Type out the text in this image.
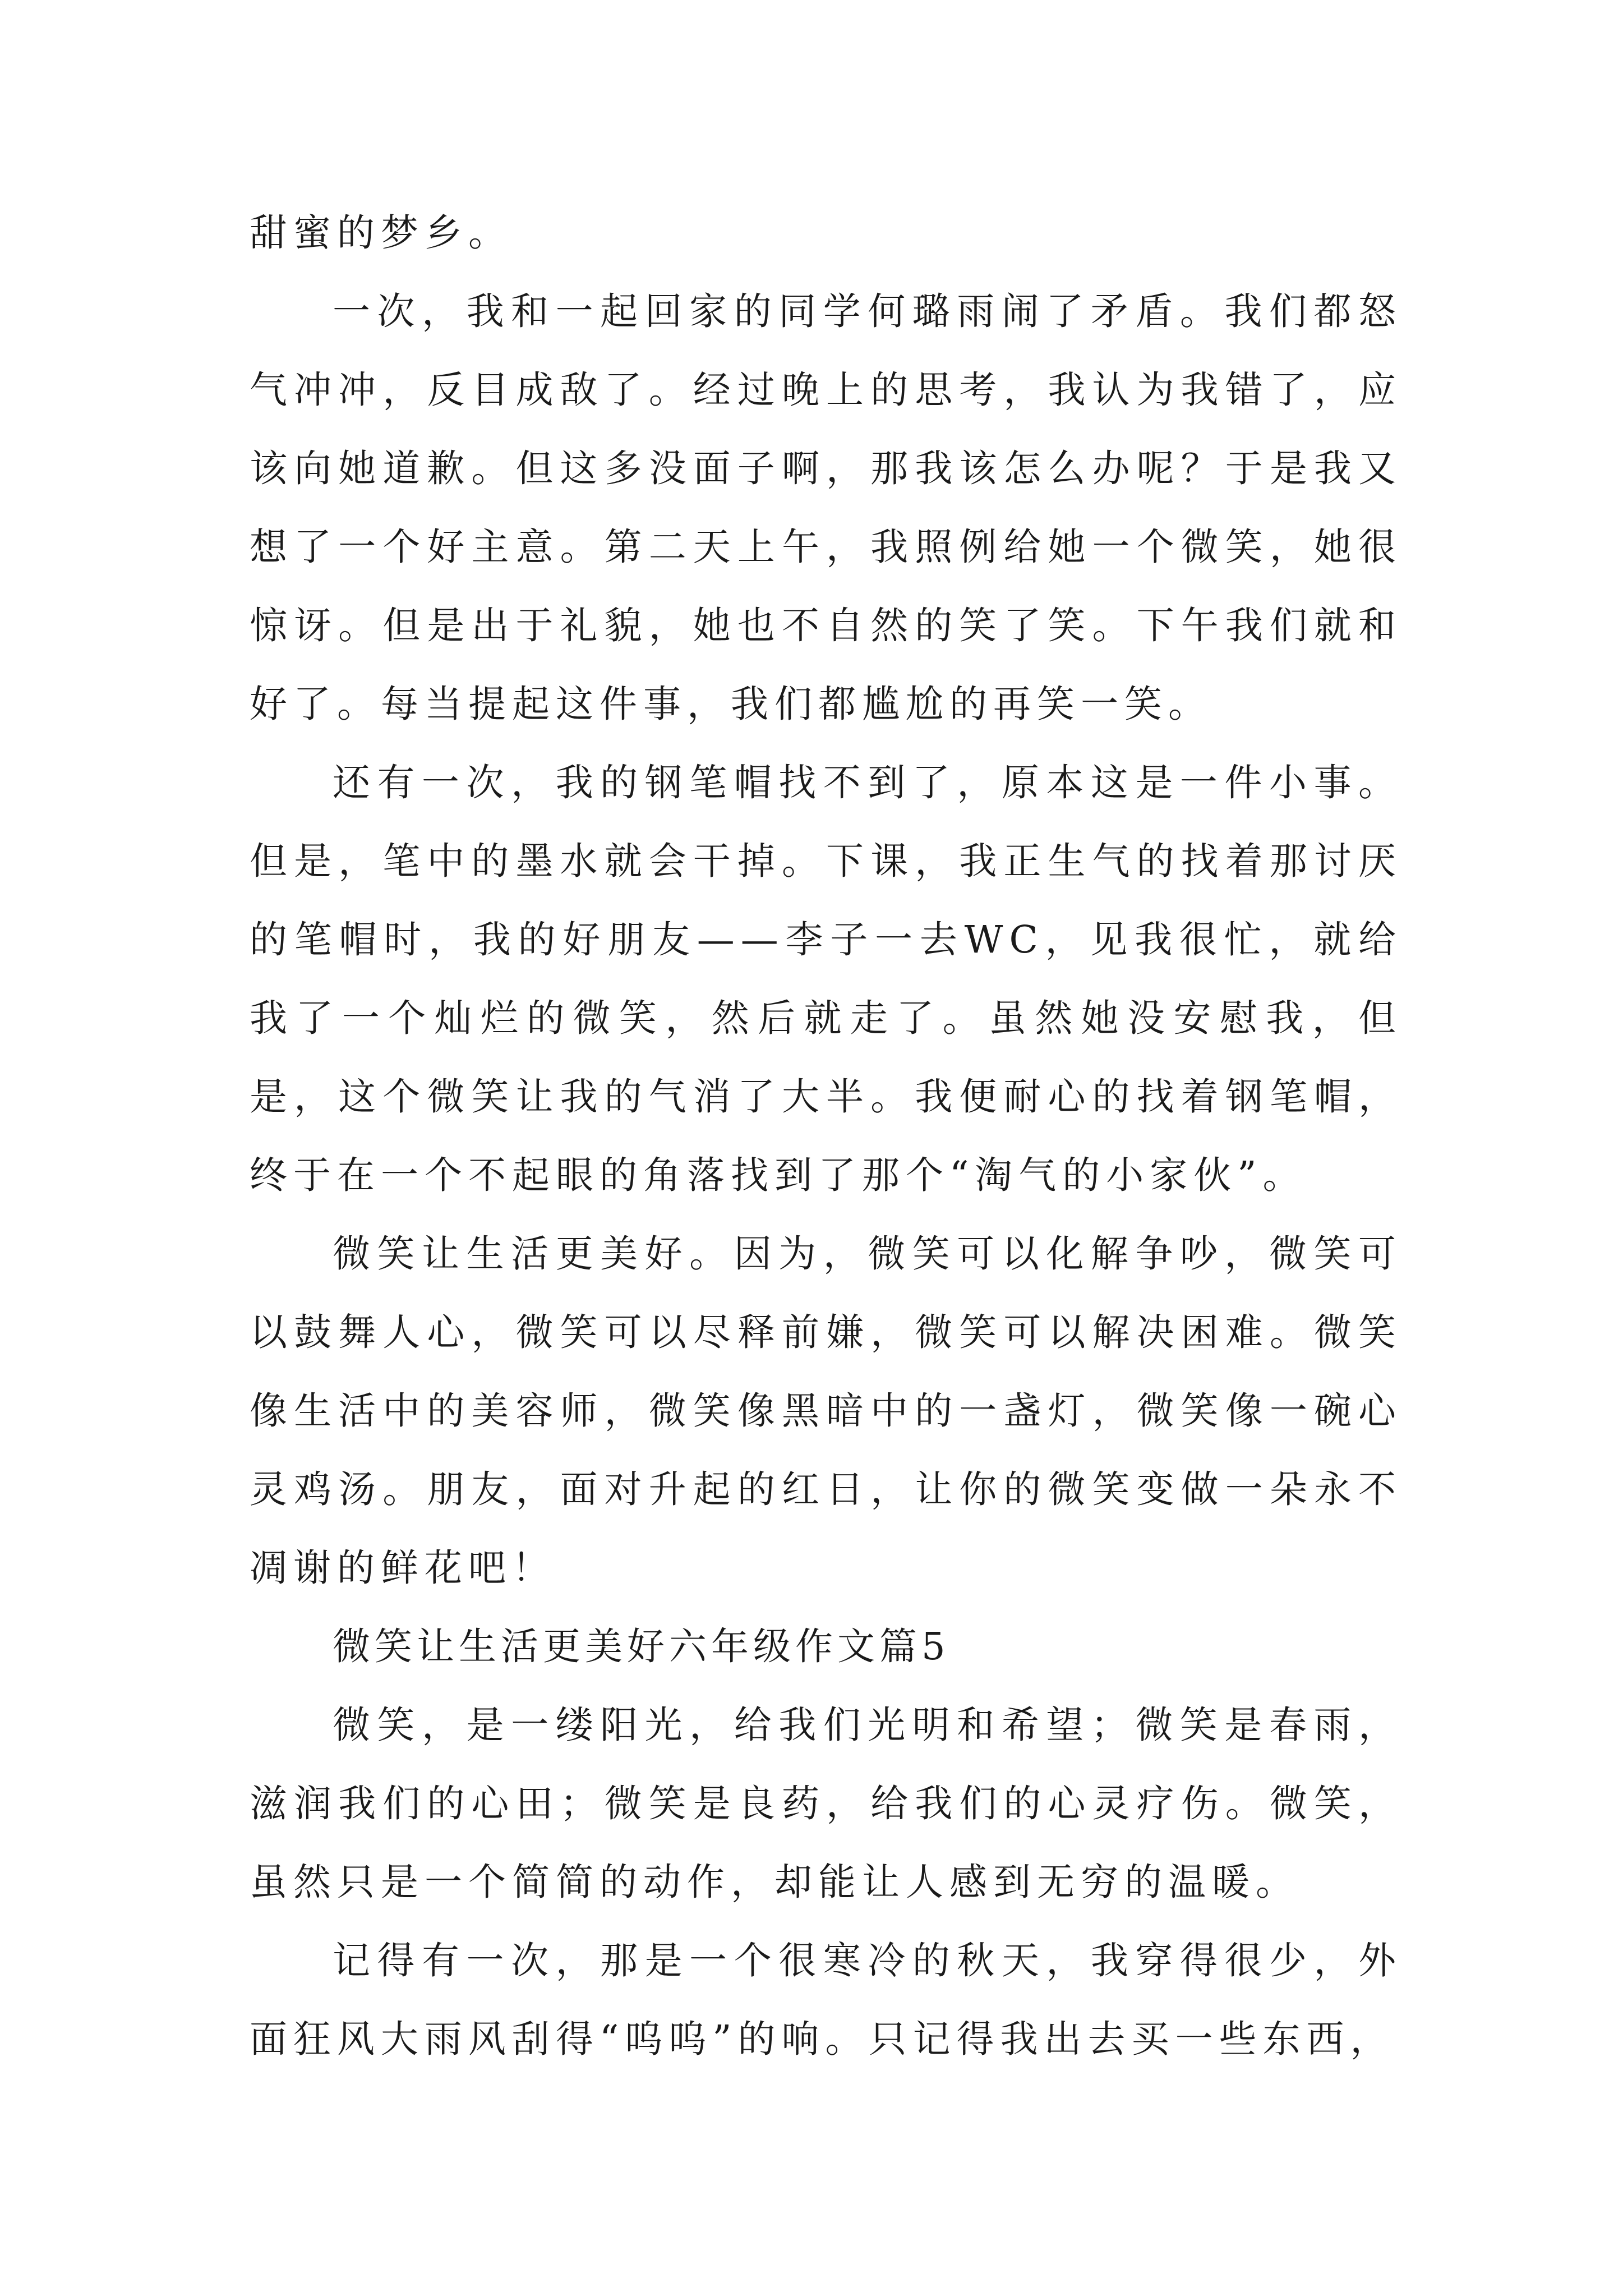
甜蜜的梦乡。

一次，我和一起回家的同学何璐雨闹了矛盾。我们都怒气冲冲，反目成敌了。经过晚上的思考，我认为我错了，应该向她道歉。但这多没面子啊，那我该怎么办呢？于是我又想了一个好主意。第二天上午，我照例给她一个微笑，她很惊讶。但是出于礼貌，她也不自然的笑了笑。下午我们就和好了。每当提起这件事，我们都尴尬的再笑一笑。

还有一次，我的钢笔帽找不到了，原本这是一件小事。但是，笔中的墨水就会干掉。下课，我正生气的找着那讨厌的笔帽时，我的好朋友——李子一去WC，见我很忙，就给我了一个灿烂的微笑，然后就走了。虽然她没安慰我，但是，这个微笑让我的气消了大半。我便耐心的找着钢笔帽，终于在一个不起眼的角落找到了那个“淘气的小家伙”。

微笑让生活更美好。因为，微笑可以化解争吵，微笑可以鼓舞人心，微笑可以尽释前嫌，微笑可以解决困难。微笑像生活中的美容师，微笑像黑暗中的一盏灯，微笑像一碗心灵鸡汤。朋友，面对升起的红日，让你的微笑变做一朵永不凋谢的鲜花吧！

微笑让生活更美好六年级作文篇5

微笑，是一缕阳光，给我们光明和希望；微笑是春雨，滋润我们的心田；微笑是良药，给我们的心灵疗伤。微笑，虽然只是一个简简的动作，却能让人感到无穷的温暖。

记得有一次，那是一个很寒冷的秋天，我穿得很少，外面狂风大雨风刮得“呜呜”的响。只记得我出去买一些东西，
